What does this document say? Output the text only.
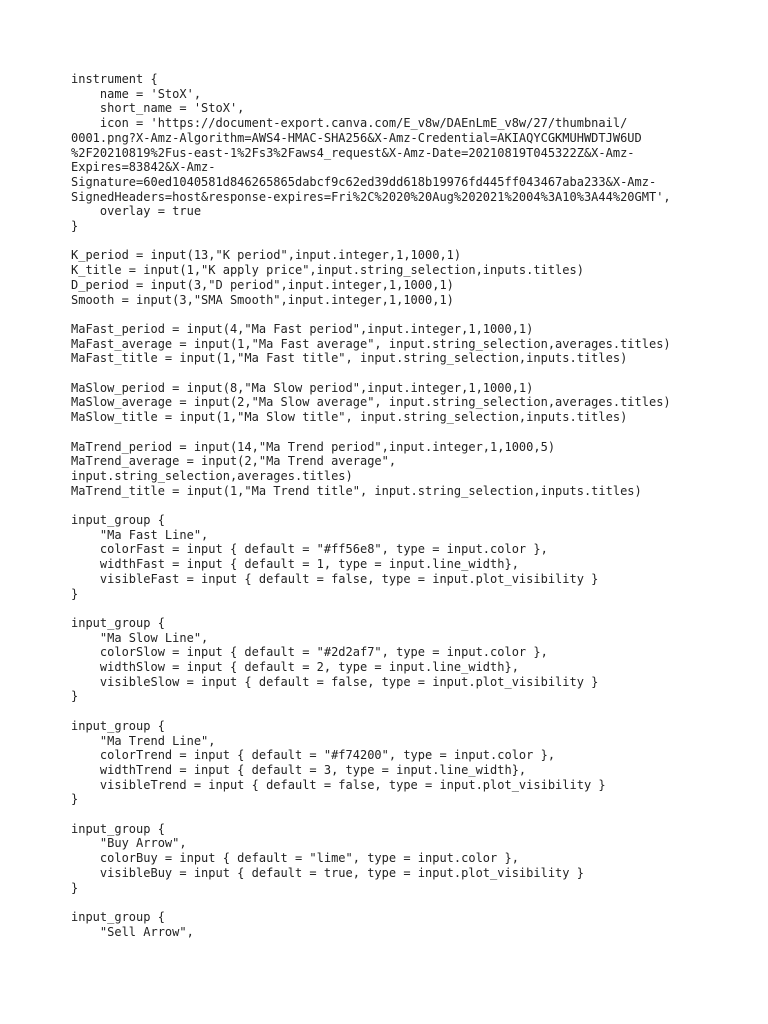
instrument {
name = 'StoX',
short_name = 'StoX',
icon = 'https://document-export.canva.com/E_v8w/DAEnLmE_v8w/27/thumbnail/
0001.png?X-Amz-Algorithm=AWS4-HMAC-SHA256&X-Amz-Credential=AKIAQYCGKMUHWDTJW6UD
%2F20210819%2Fus-east-1%2Fs3%2Faws4_request&X-Amz-Date=20210819T045322Z&X-Amz-
Expires=83842&X-Amz-
Signature=60ed1040581d846265865dabcf9c62ed39dd618b19976fd445ff043467aba233&X-Amz-
SignedHeaders=host&response-expires=Fri%2C%2020%20Aug%202021%2004%3A10%3A44%20GMT',
overlay = true
}
K_period = input(13,"K period",input.integer,1,1000,1)
K_title = input(1,"K apply price",input.string_selection,inputs.titles)
D_period = input(3,"D period",input.integer,1,1000,1)
Smooth = input(3,"SMA Smooth",input.integer,1,1000,1)
MaFast_period = input(4,"Ma Fast period",input.integer,1,1000,1)
MaFast_average = input(1,"Ma Fast average", input.string_selection,averages.titles)
MaFast_title = input(1,"Ma Fast title", input.string_selection,inputs.titles)
MaSlow_period = input(8,"Ma Slow period",input.integer,1,1000,1)
MaSlow_average = input(2,"Ma Slow average", input.string_selection,averages.titles)
MaSlow_title = input(1,"Ma Slow title", input.string_selection,inputs.titles)
MaTrend_period = input(14,"Ma Trend period",input.integer,1,1000,5)
MaTrend_average = input(2,"Ma Trend average",
input.string_selection,averages.titles)
MaTrend_title = input(1,"Ma Trend title", input.string_selection,inputs.titles)
input_group {
"Ma Fast Line",
colorFast = input { default = "#ff56e8", type = input.color },
widthFast = input { default = 1, type = input.line_width},
visibleFast = input { default = false, type = input.plot_visibility }
}
input_group {
"Ma Slow Line",
colorSlow = input { default = "#2d2af7", type = input.color },
widthSlow = input { default = 2, type = input.line_width},
visibleSlow = input { default = false, type = input.plot_visibility }
}
input_group {
"Ma Trend Line",
colorTrend = input { default = "#f74200", type = input.color },
widthTrend = input { default = 3, type = input.line_width},
visibleTrend = input { default = false, type = input.plot_visibility }
}
input_group {
"Buy Arrow",
colorBuy = input { default = "lime", type = input.color },
visibleBuy = input { default = true, type = input.plot_visibility }
}
input_group {
"Sell Arrow",
